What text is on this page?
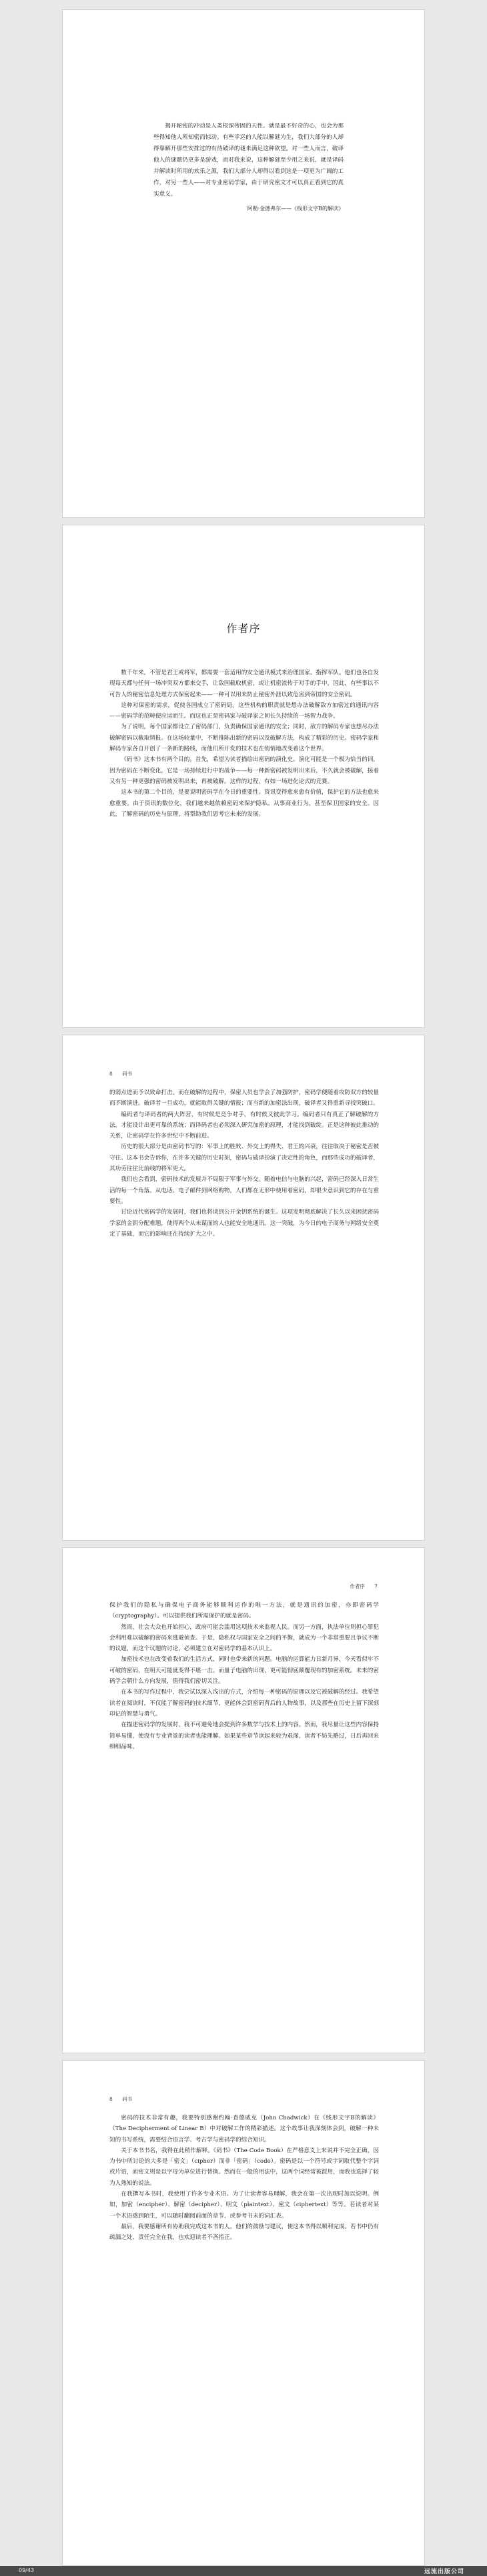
揭开秘密的冲动是人类根深蒂固的天性。就是最不好奇的心，也会为那些得知他人所知密而惊动。有些幸运的人能以解谜为生，我们大部分的人却得靠解开那些安排过的有待破译的谜来满足这种欲望。对一些人而言，破译他人的谜题仍更多是游戏，而对我来说，这种解谜至少用之来说，就是译码并解读时所用的欢乐之源，我们大部分人却得以看到这是一项更为广阔的工作，对另一些人——对专业密码学家，由于研究密文才可以真正看到它的真实意义。

阿勒·金德弗尔——《线形文字B的解读》

作者序

数千年来，不管是君王或将军，都需要一套适用的安全通讯模式来治理国家、指挥军队。他们也各自发现每天都与任何一场冲突双方都来交手，让敌国截取机密，或让机密流传于对手的手中，因此，有些事以不可告人的秘密信息处理方式保密起来——一种可以用来防止秘密外泄以致危害到帝国的安全密码。

这种对保密的需求，促使各国成立了密码局。这些机构的职责就是想办法破解敌方加密过的通讯内容——密码学的范畴便应运而生。而这也正是密码家与破译家之间长久持续的一场智力战争。

为了说明，每个国家都设立了密码部门，负责确保国家通讯的安全；同时，敌方的解码专家也想尽办法破解密码以截取情报。在这场较量中，不断推陈出新的密码以及破解方法，构成了精彩的历史。密码学家和解码专家各自开创了一条新的路线，而他们所开发的技术也在悄悄地改变着这个世界。

《码书》这本书有两个目的。首先，希望为读者描绘出密码的演化史。演化可能是一个极为恰当的词，因为密码在不断变化，它是一场持续进行中的战争——每一种新密码被发明出来后，不久就会被破解，接着又有另一种更强的密码被发明出来，再被破解。这样的过程，有如一场进化论式的竞赛。

这本书的第二个目的，是要说明密码学在今日的重要性。资讯变得愈来愈有价值，保护它的方法也愈来愈重要。由于资讯的数位化，我们越来越依赖密码来保护隐私、从事商业行为，甚至保卫国家的安全。因此，了解密码的历史与原理，将帮助我们思考它未来的发展。

8 码书

的弱点进而予以致命打击。而在破解的过程中，保密人员也学会了加强防护，密码学便随着攻防双方的较量而不断演进。破译者一旦成功，就能取得关键的情报；而当新的加密法出现，破译者又得重新寻找突破口。

编码者与译码者的两大阵营，有时候是竞争对手，有时候又彼此学习。编码者只有真正了解破解的方法，才能设计出更可靠的系统；而译码者也必须深入研究加密的原理，才能找到破绽。正是这种彼此推动的关系，让密码学在许多世纪中不断前进。

历史的很大部分是由密码书写的：军事上的胜败、外交上的得失、君王的兴衰，往往取决于秘密是否被守住。这本书会告诉你，在许多关键的历史时刻，密码与破译扮演了决定性的角色，而那些成功的破译者，其功劳往往比前线的将军更大。

我们也会看到，密码技术的发展并不局限于军事与外交。随着电信与电脑的兴起，密码已经深入日常生活的每一个角落。从电话、电子邮件到网络购物，人们都在无形中使用着密码，却很少意识到它的存在与重要性。

讨论近代密码学的发展时，我们也将谈到公开金钥系统的诞生。这项发明彻底解决了长久以来困扰密码学家的金钥分配难题，使得两个从未谋面的人也能安全地通讯。这一突破，为今日的电子商务与网络安全奠定了基础，而它的影响还在持续扩大之中。

作者序 7

保护我们的隐私与确保电子商务能够顺利运作的唯一方法，就是通讯的加密，亦即密码学（cryptography）。可以提供我们所需保护的就是密码。

然而，社会大众也开始担心，政府可能会滥用这项技术来监视人民。而另一方面，执法单位则担心罪犯会利用难以破解的密码来逃避侦查。于是，隐私权与国家安全之间的平衡，就成为一个非常重要且争议不断的议题，而这个议题的讨论，必须建立在对密码学的基本认识上。

加密技术也在改变着我们的生活方式，同时也带来新的问题。电脑的运算能力日新月异，今天看似牢不可破的密码，在明天可能就变得不堪一击。而量子电脑的出现，更可能彻底颠覆现有的加密系统。未来的密码学会朝什么方向发展，值得我们密切关注。

在本书的写作过程中，我尝试以深入浅出的方式，介绍每一种密码的原理以及它被破解的经过。我希望读者在阅读时，不仅能了解密码的技术细节，更能体会到密码背后的人物故事，以及那些在历史上留下深刻印记的智慧与勇气。

在描述密码学的发展时，我不可避免地会提到许多数学与技术上的内容。然而，我尽量让这些内容保持简单易懂，使没有专业背景的读者也能理解。如果某些章节读起来较为艰深，读者不妨先略过，日后再回来细细品味。

8 码书

密码的技术非常有趣，我要特别感谢约翰·查德威克（John Chadwick）在《线形文字B的解读》（The Decipherment of Linear B）中对破解工作的精彩描述。这个故事让我深刻体会到，破解一种未知的书写系统，需要结合语言学、考古学与密码学的综合知识。

关于本书书名，我得在此稍作解释。《码书》（The Code Book）在严格意义上来说并不完全正确，因为书中所讨论的大多是「密文」（cipher）而非「密码」（code）。密码是以一个符号或字词取代整个字词或片语，而密文则是以字母为单位进行替换。然而在一般的用法中，这两个词经常被混用，而我也选择了较为人熟知的说法。

在我撰写本书时，我使用了许多专业术语。为了让读者容易理解，我会在第一次出现时加以说明。例如，加密（encipher）、解密（decipher）、明文（plaintext）、密文（ciphertext）等等。若读者对某一个术语感到陌生，可以随时翻阅前面的章节，或参考书末的词汇表。

最后，我要感谢所有协助我完成这本书的人。他们的鼓励与建议，使这本书得以顺利完成。若书中仍有疏漏之处，责任完全在我，也欢迎读者不吝指正。

09/43	远流出版公司
